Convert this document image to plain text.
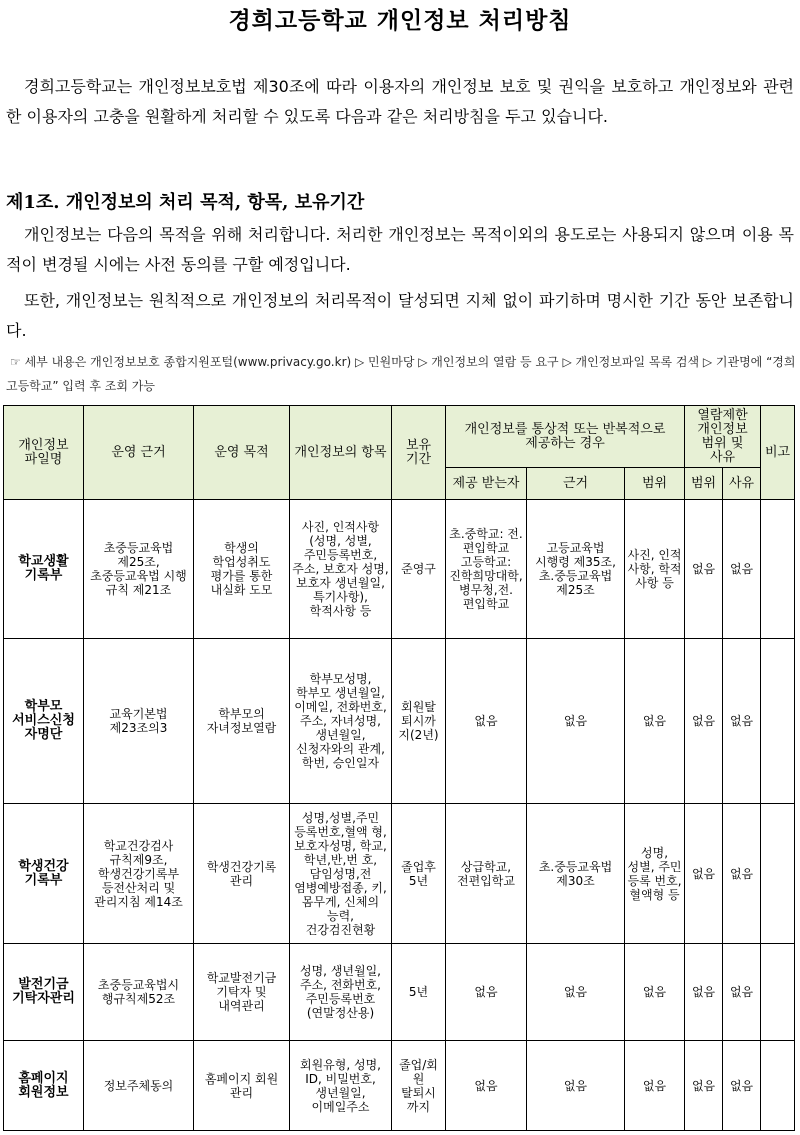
경희고등학교 개인정보 처리방침
경희고등학교는 개인정보보호법 제30조에 따라 이용자의 개인정보 보호 및 권익을 보호하고 개인정보와 관련한 이용자의 고충을 원활하게 처리할 수 있도록 다음과 같은 처리방침을 두고 있습니다.
제1조. 개인정보의 처리 목적, 항목, 보유기간
개인정보는 다음의 목적을 위해 처리합니다. 처리한 개인정보는 목적이외의 용도로는 사용되지 않으며 이용 목적이 변경될 시에는 사전 동의를 구할 예정입니다.
또한, 개인정보는 원칙적으로 개인정보의 처리목적이 달성되면 지체 없이 파기하며 명시한 기간 동안 보존합니다.
☞ 세부 내용은 개인정보보호 종합지원포털(www.privacy.go.kr) ▷ 민원마당 ▷ 개인정보의 열람 등 요구 ▷ 개인정보파일 목록 검색 ▷ 기관명에 “경희고등학교” 입력 후 조회 가능
개인정보 파일명	운영 근거	운영 목적	개인정보의 항목	보유 기간	개인정보를 통상적 또는 반복적으로 제공하는 경우			열람제한 개인정보 범위 및 사유		비고
					제공 받는자	근거	범위	범위	사유	
학교생활 기록부	초중등교육법 제25조, 초중등교육법 시행 규칙 제21조	학생의 학업성취도 평가를 통한 내실화 도모	사진, 인적사항 (성명, 성별, 주민등록번호, 주소, 보호자 성명, 보호자 생년월일, 특기사항), 학적사항 등	준영구	초.중학교: 전.편입학교 고등학교:진학희망대학, 병무청,전. 편입학교	고등교육법 시행령 제35조, 초.중등교육법 제25조	사진, 인적 사항, 학적 사항 등	없음	없음	
학부모 서비스신청 자명단	교육기본법 제23조의3	학부모의 자녀정보열람	학부모성명, 학부모 생년월일, 이메일, 전화번호, 주소, 자녀성명, 생년월일, 신청자와의 관계, 학번, 승인일자	회원탈 퇴시까 지(2년)	없음	없음	없음	없음	없음	
학생건강 기록부	학교건강검사 규칙제9조, 학생건강기록부 등전산처리 및 관리지침 제14조	학생건강기록 관리	성명,성별,주민 등록번호,혈액 형,보호자성명, 학교,학년,반,번 호,담임성명,전 염병예방접종, 키,몸무게, 신체의 능력, 건강검진현황	졸업후 5년	상급학교, 전편입학교	초.중등교육법 제30조	성명, 성별, 주민 등록 번호, 혈액형 등	없음	없음	
발전기금 기탁자관리	초중등교육법시 행규칙제52조	학교발전기금 기탁자 및 내역관리	성명, 생년월일, 주소, 전화번호, 주민등록번호 (연말정산용)	5년	없음	없음	없음	없음	없음	
홈페이지 회원정보	정보주체동의	홈페이지 회원 관리	회원유형, 성명, ID, 비밀번호, 생년월일, 이메일주소	졸업/회 원 탈퇴시 까지	없음	없음	없음	없음	없음	
